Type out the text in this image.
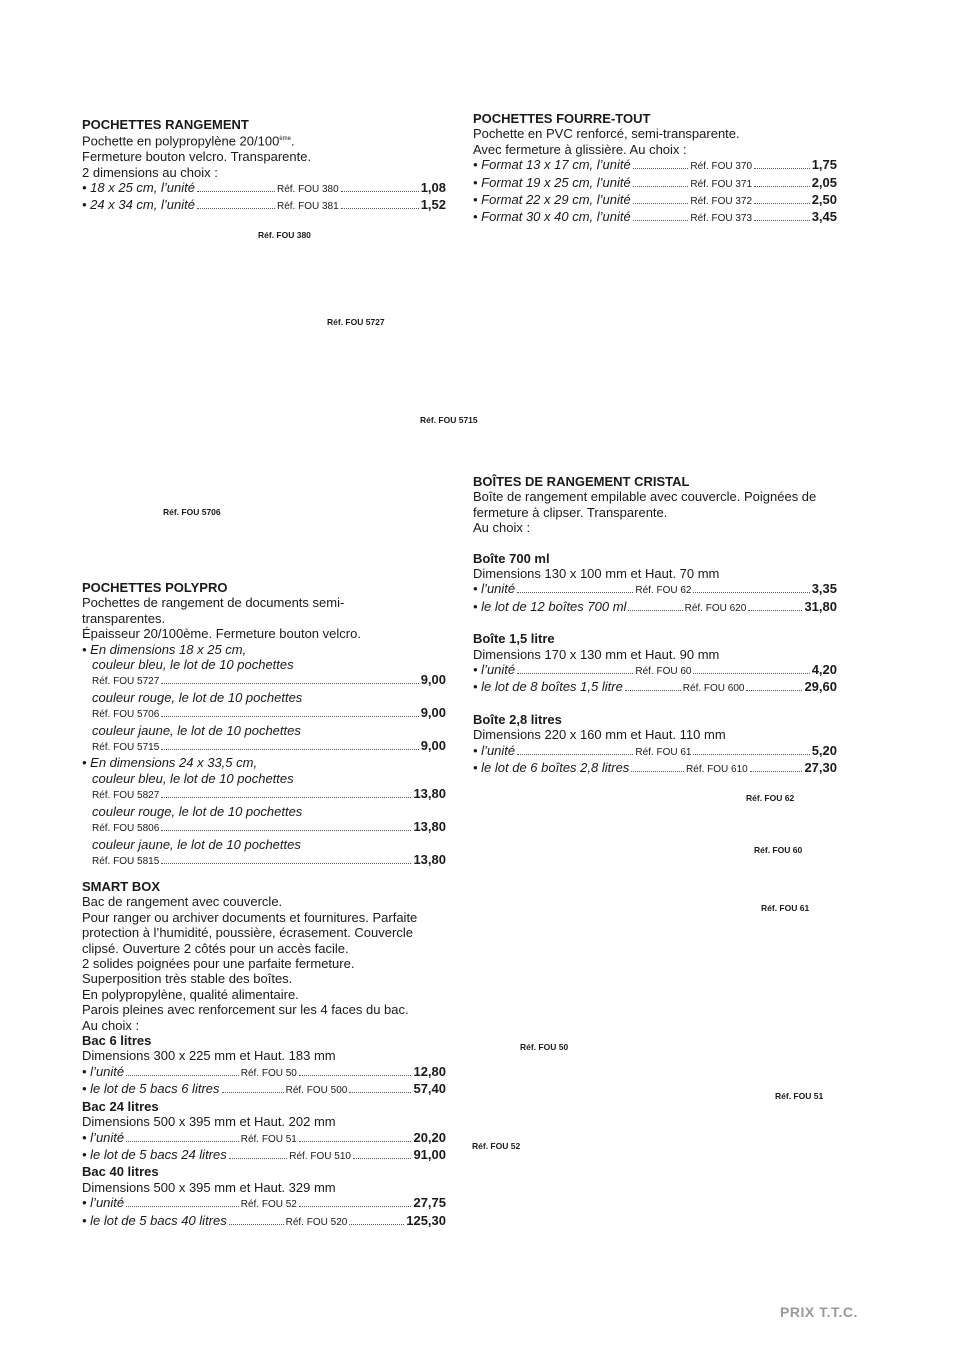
POCHETTES RANGEMENT
Pochette en polypropylène 20/100ème.
Fermeture bouton velcro. Transparente.
2 dimensions au choix :
• 18 x 25 cm, l’unité	Réf. FOU 380	1,08
• 24 x 34 cm, l’unité	Réf. FOU 381	1,52
POCHETTES FOURRE-TOUT
Pochette en PVC renforcé, semi-transparente.
Avec fermeture à glissière. Au choix :
• Format 13 x 17 cm, l’unité	Réf. FOU 370	1,75
• Format 19 x 25 cm, l’unité	Réf. FOU 371	2,05
• Format 22 x 29 cm, l’unité	Réf. FOU 372	2,50
• Format 30 x 40 cm, l’unité	Réf. FOU 373	3,45
Réf. FOU 380
Réf. FOU 5727
Réf. FOU 5715
Réf. FOU 5706
Réf. FOU 62
Réf. FOU 60
Réf. FOU 61
Réf. FOU 50
Réf. FOU 51
Réf. FOU 52
BOÎTES DE RANGEMENT CRISTAL
Boîte de rangement empilable avec couvercle. Poignées de
fermeture à clipser. Transparente.
Au choix :
Boîte 700 ml
Dimensions 130 x 100 mm et Haut. 70 mm
• l’unité	Réf. FOU 62	3,35
• le lot de 12 boîtes 700 ml	Réf. FOU 620	31,80
Boîte 1,5 litre
Dimensions 170 x 130 mm et Haut. 90 mm
• l’unité	Réf. FOU 60	4,20
• le lot de 8 boîtes 1,5 litre	Réf. FOU 600	29,60
Boîte 2,8 litres
Dimensions 220 x 160 mm et Haut. 110 mm
• l’unité	Réf. FOU 61	5,20
• le lot de 6 boîtes 2,8 litres	Réf. FOU 610	27,30
POCHETTES POLYPRO
Pochettes de rangement de documents semi-
transparentes.
Épaisseur 20/100ème. Fermeture bouton velcro.
• En dimensions 18 x 25 cm,
couleur bleu, le lot de 10 pochettes
Réf. FOU 5727	9,00
couleur rouge, le lot de 10 pochettes
Réf. FOU 5706	9,00
couleur jaune, le lot de 10 pochettes
Réf. FOU 5715	9,00
• En dimensions 24 x 33,5 cm,
couleur bleu, le lot de 10 pochettes
Réf. FOU 5827	13,80
couleur rouge, le lot de 10 pochettes
Réf. FOU 5806	13,80
couleur jaune, le lot de 10 pochettes
Réf. FOU 5815	13,80
SMART BOX
Bac de rangement avec couvercle.
Pour ranger ou archiver documents et fournitures. Parfaite
protection à l’humidité, poussière, écrasement. Couvercle
clipsé. Ouverture 2 côtés pour un accès facile.
2 solides poignées pour une parfaite fermeture.
Superposition très stable des boîtes.
En polypropylène, qualité alimentaire.
Parois pleines avec renforcement sur les 4 faces du bac.
Au choix :
Bac 6 litres
Dimensions 300 x 225 mm et Haut. 183 mm
• l’unité	Réf. FOU 50	12,80
• le lot de 5 bacs 6 litres	Réf. FOU 500	57,40
Bac 24 litres
Dimensions 500 x 395 mm et Haut. 202 mm
• l’unité	Réf. FOU 51	20,20
• le lot de 5 bacs 24 litres	Réf. FOU 510	91,00
Bac 40 litres
Dimensions 500 x 395 mm et Haut. 329 mm
• l’unité	Réf. FOU 52	27,75
• le lot de 5 bacs 40 litres	Réf. FOU 520	125,30
PRIX T.T.C.
